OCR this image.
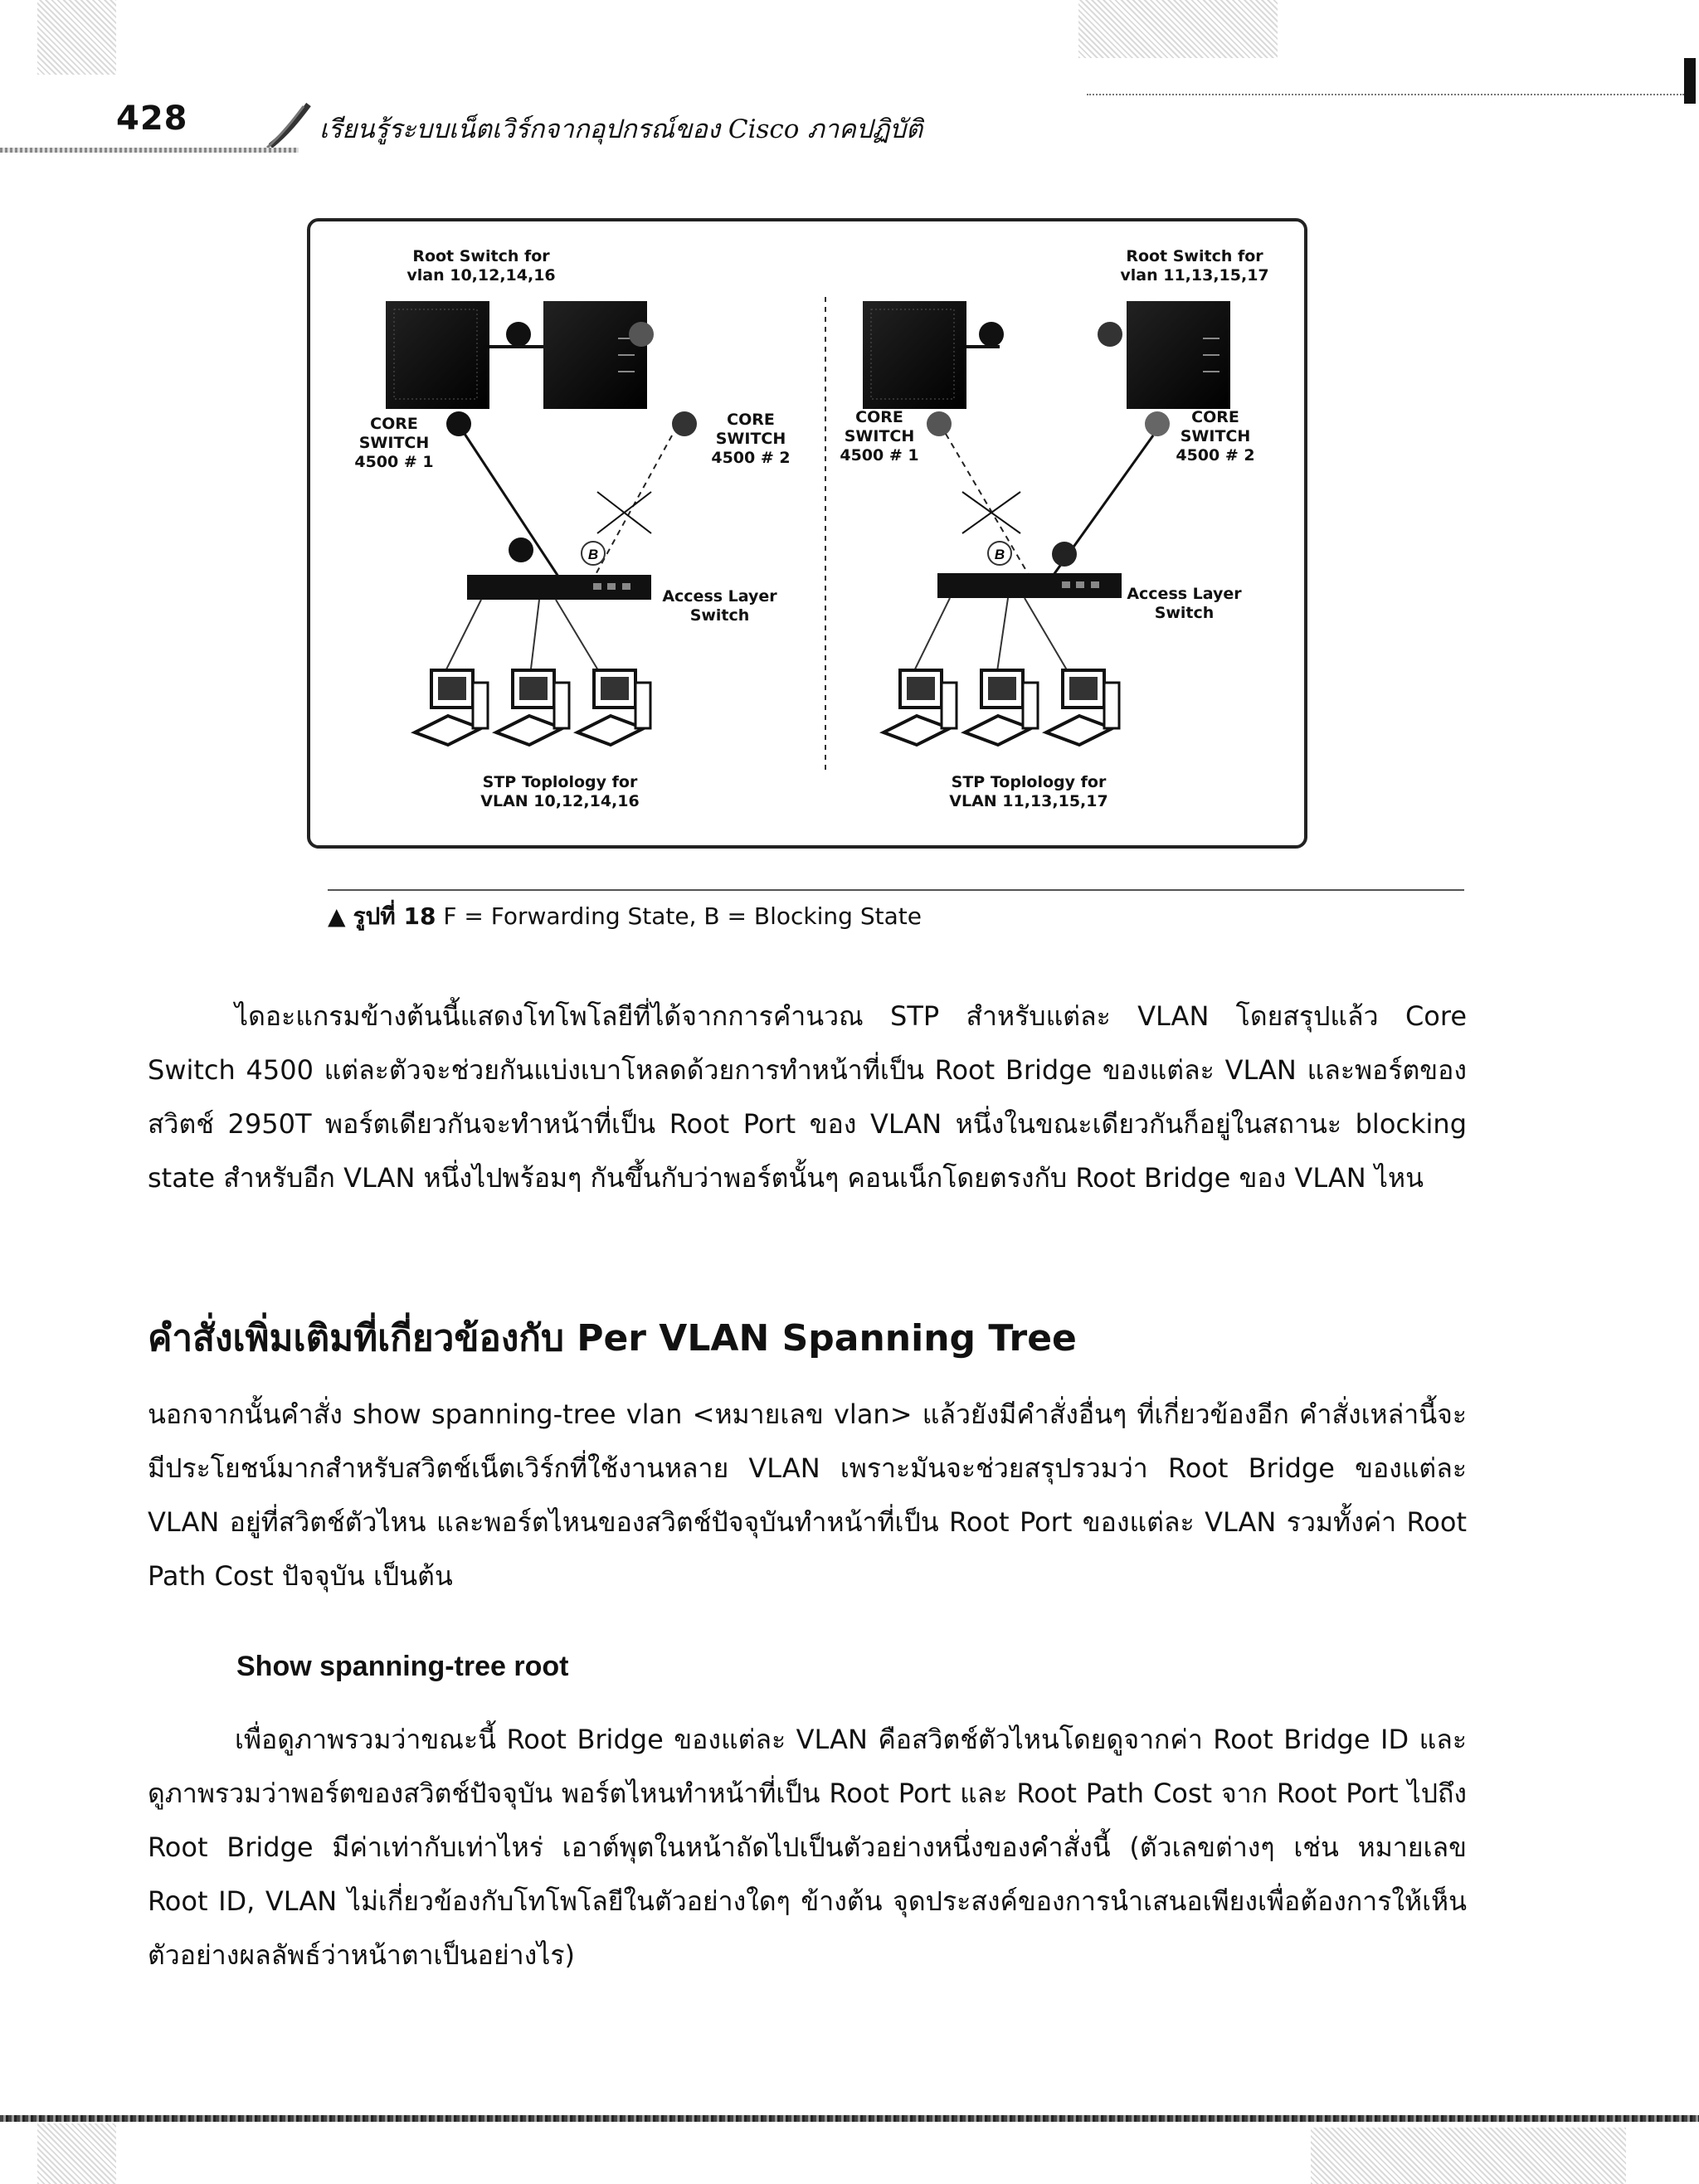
428	เรียนรู้ระบบเน็ตเวิร์กจากอุปกรณ์ของ Cisco ภาคปฏิบัติ
B	B
Root Switch for
vlan 10,12,14,16
CORE
SWITCH
4500 # 1
CORE
SWITCH
4500 # 2
Access Layer
Switch
STP Toplology for
VLAN 10,12,14,16
Root Switch for
vlan 11,13,15,17
CORE
SWITCH
4500 # 1
CORE
SWITCH
4500 # 2
Access Layer
Switch
STP Toplology for
VLAN 11,13,15,17
▲ รูปที่ 18 F = Forwarding State, B = Blocking State

ไดอะแกรมข้างต้นนี้แสดงโทโพโลยีที่ได้จากการคำนวณ STP สำหรับแต่ละ VLAN โดยสรุปแล้ว Core Switch 4500 แต่ละตัวจะช่วยกันแบ่งเบาโหลดด้วยการทำหน้าที่เป็น Root Bridge ของแต่ละ VLAN และพอร์ตของสวิตช์ 2950T พอร์ตเดียวกันจะทำหน้าที่เป็น Root Port ของ VLAN หนึ่งในขณะเดียวกันก็อยู่ในสถานะ blocking state สำหรับอีก VLAN หนึ่งไปพร้อมๆ กันขึ้นกับว่าพอร์ตนั้นๆ คอนเน็กโดยตรงกับ Root Bridge ของ VLAN ไหน

คำสั่งเพิ่มเติมที่เกี่ยวข้องกับ Per VLAN Spanning Tree

นอกจากนั้นคำสั่ง show spanning-tree vlan <หมายเลข vlan> แล้วยังมีคำสั่งอื่นๆ ที่เกี่ยวข้องอีก คำสั่งเหล่านี้จะมีประโยชน์มากสำหรับสวิตช์เน็ตเวิร์กที่ใช้งานหลาย VLAN เพราะมันจะช่วยสรุปรวมว่า Root Bridge ของแต่ละ VLAN อยู่ที่สวิตช์ตัวไหน และพอร์ตไหนของสวิตช์ปัจจุบันทำหน้าที่เป็น Root Port ของแต่ละ VLAN รวมทั้งค่า Root Path Cost ปัจจุบัน เป็นต้น

Show spanning-tree root

เพื่อดูภาพรวมว่าขณะนี้ Root Bridge ของแต่ละ VLAN คือสวิตช์ตัวไหนโดยดูจากค่า Root Bridge ID และดูภาพรวมว่าพอร์ตของสวิตช์ปัจจุบัน พอร์ตไหนทำหน้าที่เป็น Root Port และ Root Path Cost จาก Root Port ไปถึง Root Bridge มีค่าเท่ากับเท่าไหร่ เอาต์พุตในหน้าถัดไปเป็นตัวอย่างหนึ่งของคำสั่งนี้ (ตัวเลขต่างๆ เช่น หมายเลข Root ID, VLAN ไม่เกี่ยวข้องกับโทโพโลยีในตัวอย่างใดๆ ข้างต้น จุดประสงค์ของการนำเสนอเพียงเพื่อต้องการให้เห็นตัวอย่างผลลัพธ์ว่าหน้าตาเป็นอย่างไร)
